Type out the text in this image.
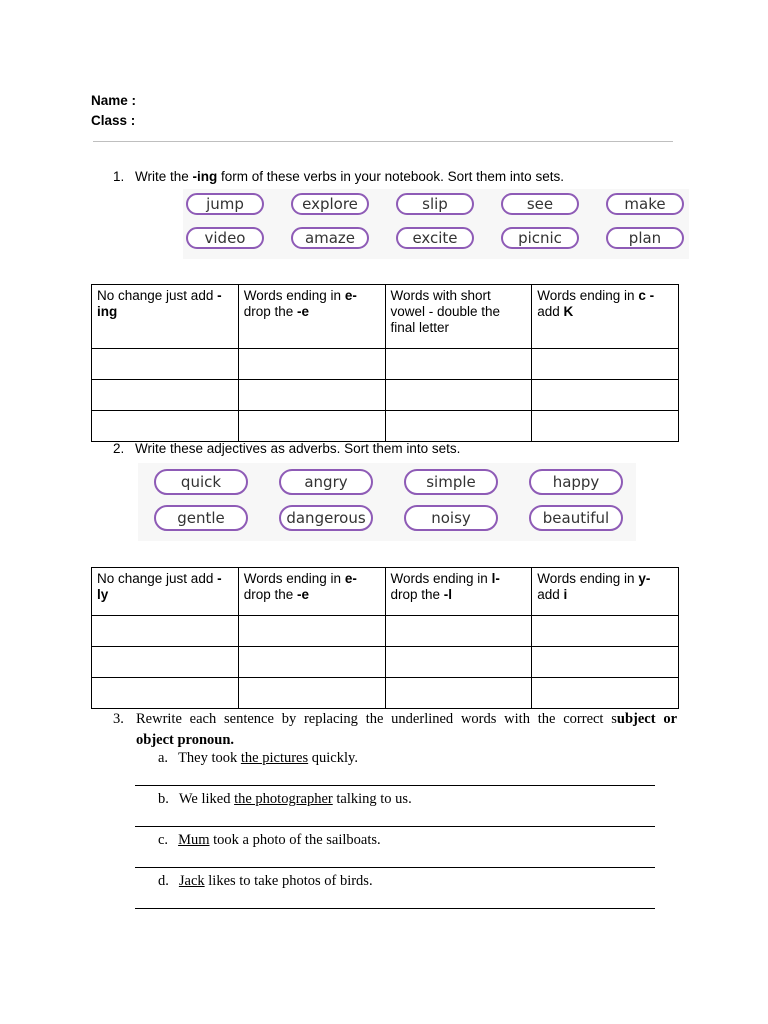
Name :
Class :
1. Write the -ing form of these verbs in your notebook. Sort them into sets.
jump	explore	slip	see	make
video	amaze	excite	picnic	plan
No change just add -ing	Words ending in e- drop the -e	Words with short vowel - double the final letter	Words ending in c - add K

2. Write these adjectives as adverbs. Sort them into sets.
quick	angry	simple	happy
gentle	dangerous	noisy	beautiful
No change just add -ly	Words ending in e- drop the -e	Words ending in l- drop the -l	Words ending in y- add i

3. Rewrite each sentence by replacing the underlined words with the correct subject or
object pronoun.
a. They took the pictures quickly.
b. We liked the photographer talking to us.
c. Mum took a photo of the sailboats.
d. Jack likes to take photos of birds.
